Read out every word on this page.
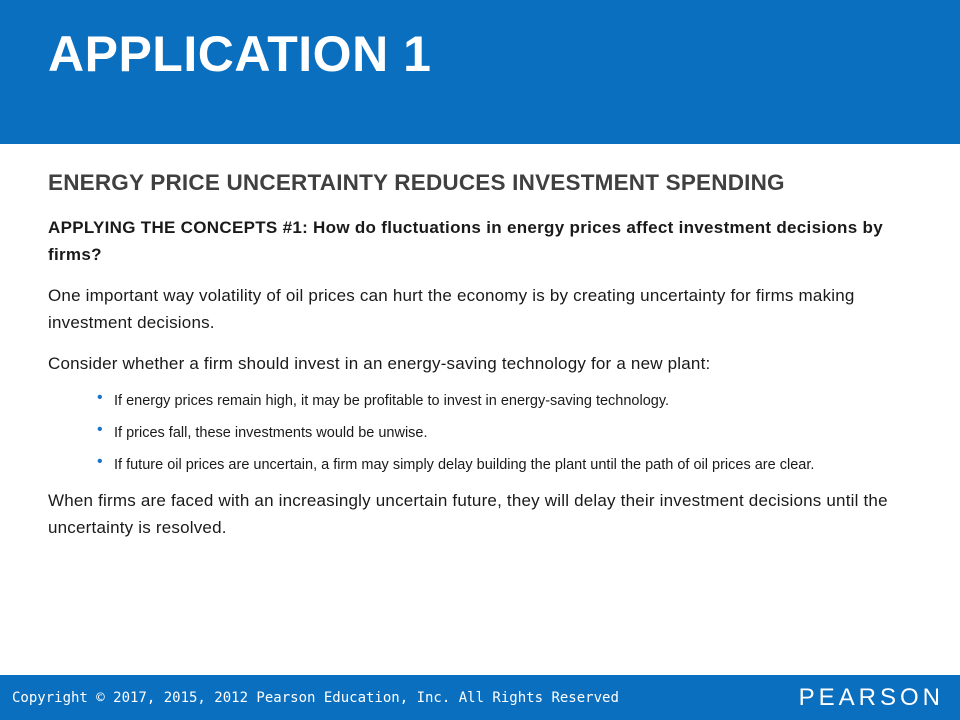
APPLICATION 1

ENERGY PRICE UNCERTAINTY REDUCES INVESTMENT SPENDING

APPLYING THE CONCEPTS #1: How do fluctuations in energy prices affect investment decisions by firms?

One important way volatility of oil prices can hurt the economy is by creating uncertainty for firms making investment decisions.

Consider whether a firm should invest in an energy-saving technology for a new plant:

• If energy prices remain high, it may be profitable to invest in energy-saving technology.
• If prices fall, these investments would be unwise.
• If future oil prices are uncertain, a firm may simply delay building the plant until the path of oil prices are clear.

When firms are faced with an increasingly uncertain future, they will delay their investment decisions until the uncertainty is resolved.

Copyright © 2017, 2015, 2012 Pearson Education, Inc. All Rights Reserved	PEARSON
